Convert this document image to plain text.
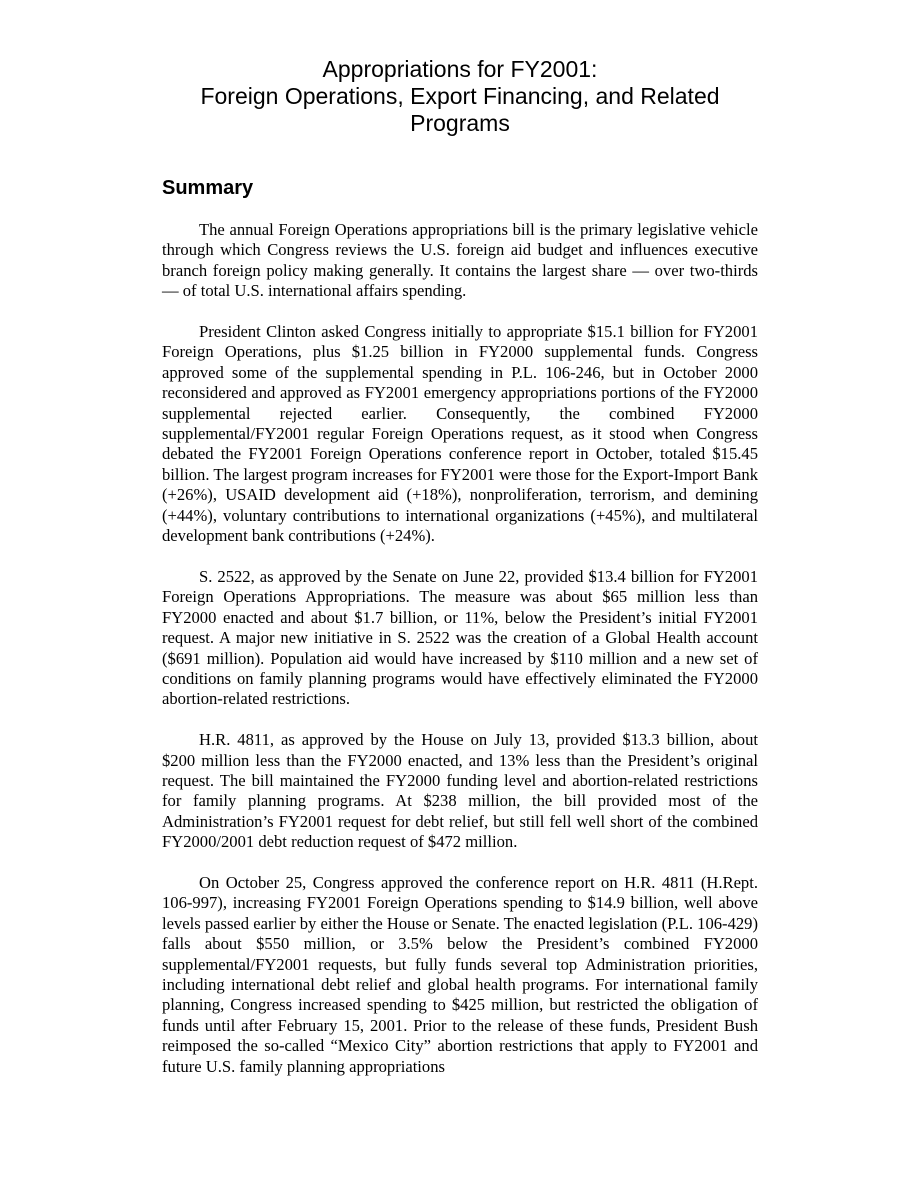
Appropriations for FY2001:
Foreign Operations, Export Financing, and Related
Programs
Summary

The annual Foreign Operations appropriations bill is the primary legislative vehicle through which Congress reviews the U.S. foreign aid budget and influences executive branch foreign policy making generally. It contains the largest share — over two-thirds — of total U.S. international affairs spending.

President Clinton asked Congress initially to appropriate $15.1 billion for FY2001 Foreign Operations, plus $1.25 billion in FY2000 supplemental funds. Congress approved some of the supplemental spending in P.L. 106-246, but in October 2000 reconsidered and approved as FY2001 emergency appropriations portions of the FY2000 supplemental rejected earlier. Consequently, the combined FY2000 supplemental/FY2001 regular Foreign Operations request, as it stood when Congress debated the FY2001 Foreign Operations conference report in October, totaled $15.45 billion. The largest program increases for FY2001 were those for the Export-Import Bank (+26%), USAID development aid (+18%), nonproliferation, terrorism, and demining (+44%), voluntary contributions to international organizations (+45%), and multilateral development bank contributions (+24%).

S. 2522, as approved by the Senate on June 22, provided $13.4 billion for FY2001 Foreign Operations Appropriations. The measure was about $65 million less than FY2000 enacted and about $1.7 billion, or 11%, below the President’s initial FY2001 request. A major new initiative in S. 2522 was the creation of a Global Health account ($691 million). Population aid would have increased by $110 million and a new set of conditions on family planning programs would have effectively eliminated the FY2000 abortion-related restrictions.

H.R. 4811, as approved by the House on July 13, provided $13.3 billion, about $200 million less than the FY2000 enacted, and 13% less than the President’s original request. The bill maintained the FY2000 funding level and abortion-related restrictions for family planning programs. At $238 million, the bill provided most of the Administration’s FY2001 request for debt relief, but still fell well short of the combined FY2000/2001 debt reduction request of $472 million.

On October 25, Congress approved the conference report on H.R. 4811 (H.Rept. 106-997), increasing FY2001 Foreign Operations spending to $14.9 billion, well above levels passed earlier by either the House or Senate. The enacted legislation (P.L. 106-429) falls about $550 million, or 3.5% below the President’s combined FY2000 supplemental/FY2001 requests, but fully funds several top Administration priorities, including international debt relief and global health programs. For international family planning, Congress increased spending to $425 million, but restricted the obligation of funds until after February 15, 2001. Prior to the release of these funds, President Bush reimposed the so-called “Mexico City” abortion restrictions that apply to FY2001 and future U.S. family planning appropriations
